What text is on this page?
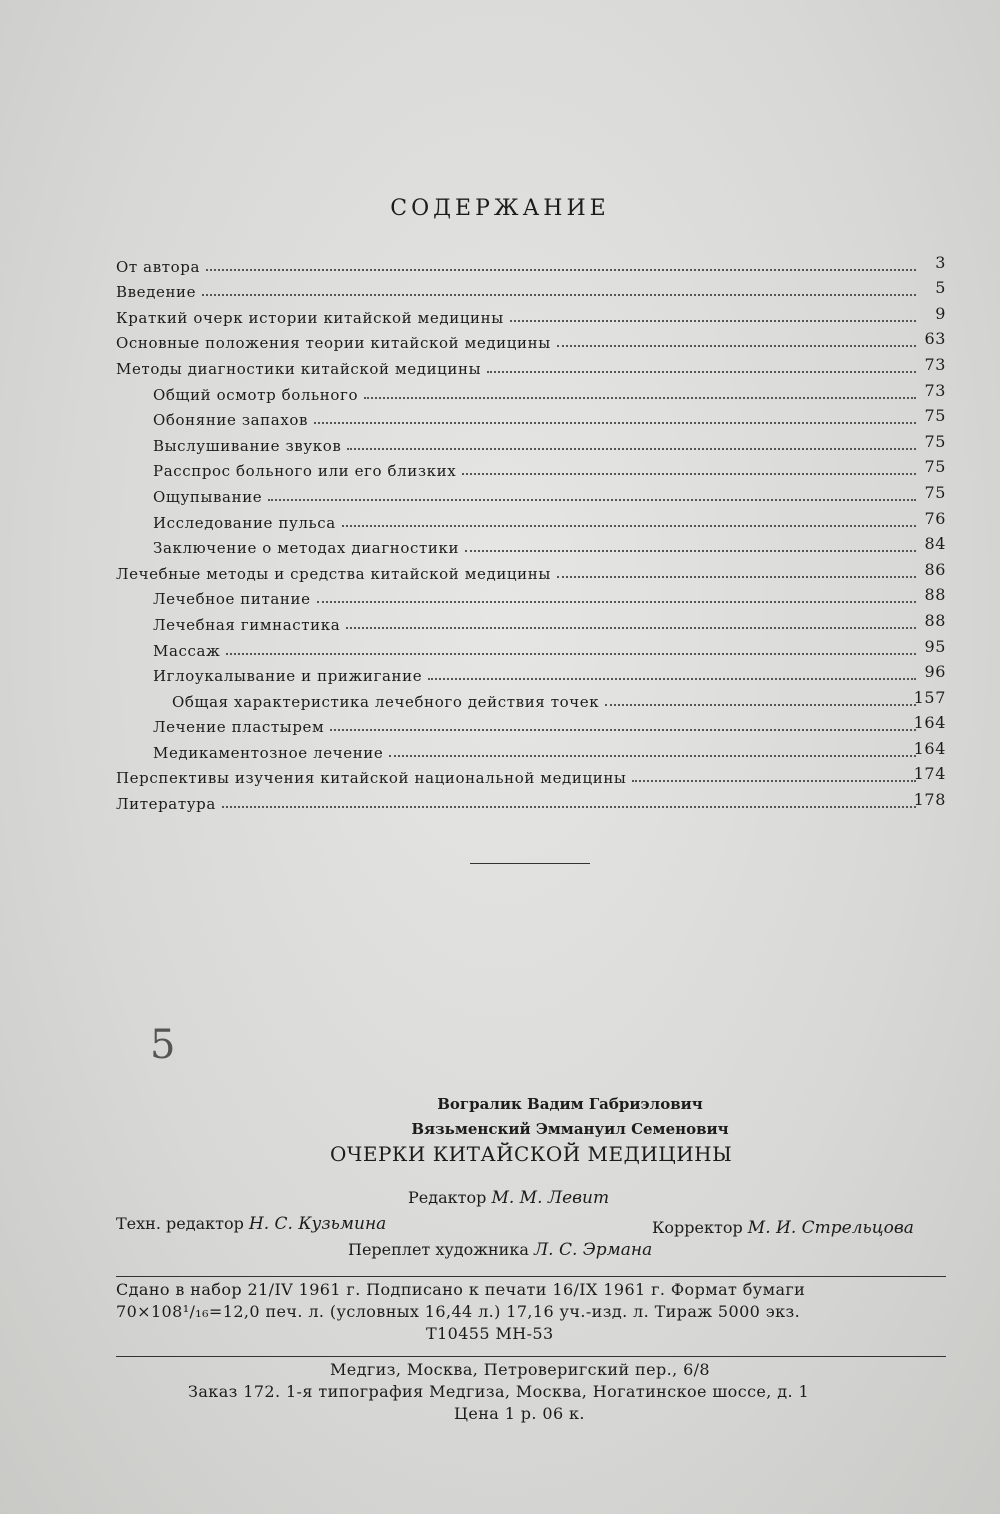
СОДЕРЖАНИЕ
От автора	3
Введение	5
Краткий очерк истории китайской медицины	9
Основные положения теории китайской медицины	63
Методы диагностики китайской медицины	73
Общий осмотр больного	73
Обоняние запахов	75
Выслушивание звуков	75
Расспрос больного или его близких	75
Ощупывание	75
Исследование пульса	76
Заключение о методах диагностики	84
Лечебные методы и средства китайской медицины	86
Лечебное питание	88
Лечебная гимнастика	88
Массаж	95
Иглоукалывание и прижигание	96
Общая характеристика лечебного действия точек	157
Лечение пластырем	164
Медикаментозное лечение	164
Перспективы изучения китайской национальной медицины	174
Литература	178
5
Вогралик Вадим Габриэлович
Вязьменский Эммануил Семенович
ОЧЕРКИ КИТАЙСКОЙ МЕДИЦИНЫ
Редактор М. М. Левит
Техн. редактор Н. С. Кузьмина	Корректор М. И. Стрельцова
Переплет художника Л. С. Эрмана
Сдано в набор 21/IV 1961 г. Подписано к печати 16/IX 1961 г. Формат бумаги
70×108¹/₁₆=12,0 печ. л. (условных 16,44 л.) 17,16 уч.-изд. л. Тираж 5000 экз.
Т10455 МН-53
Медгиз, Москва, Петроверигский пер., 6/8
Заказ 172. 1-я типография Медгиза, Москва, Ногатинское шоссе, д. 1
Цена 1 р. 06 к.
